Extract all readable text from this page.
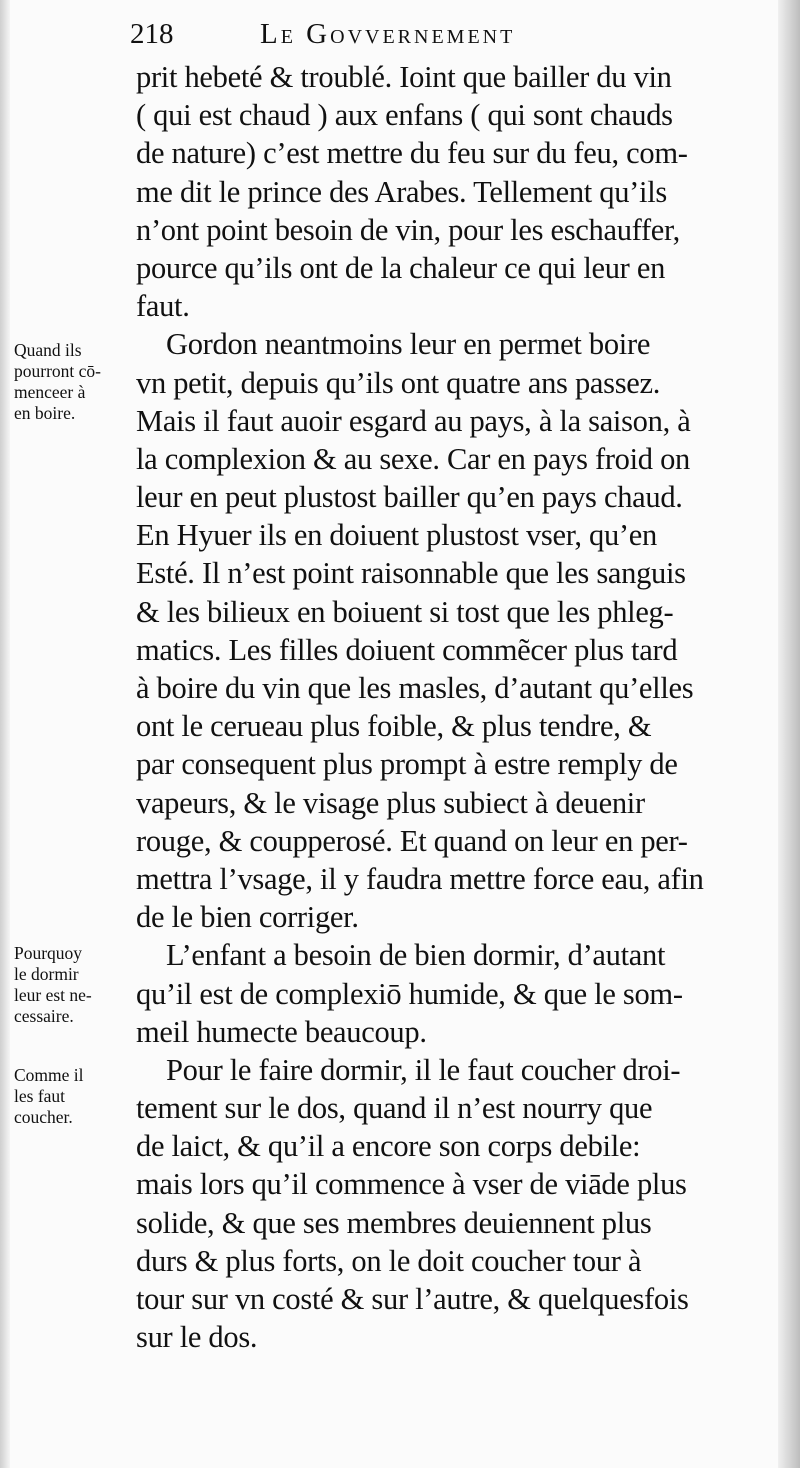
218	Le Govvernement
Quand ils
pourront cō-
menceer à
en boire.
Pourquoy
le dormir
leur est ne-
cessaire.
Comme il
les faut
coucher.
prit hebeté & troublé. Ioint que bailler du vin
( qui est chaud ) aux enfans ( qui sont chauds
de nature) c’est mettre du feu sur du feu, com-
me dit le prince des Arabes. Tellement qu’ils
n’ont point besoin de vin, pour les eschauffer,
pource qu’ils ont de la chaleur ce qui leur en
faut.
Gordon neantmoins leur en permet boire
vn petit, depuis qu’ils ont quatre ans passez.
Mais il faut auoir esgard au pays, à la saison, à
la complexion & au sexe. Car en pays froid on
leur en peut plustost bailler qu’en pays chaud.
En Hyuer ils en doiuent plustost vser, qu’en
Esté. Il n’est point raisonnable que les sanguis
& les bilieux en boiuent si tost que les phleg-
matics. Les filles doiuent commẽcer plus tard
à boire du vin que les masles, d’autant qu’elles
ont le cerueau plus foible, & plus tendre, &
par consequent plus prompt à estre remply de
vapeurs, & le visage plus subiect à deuenir
rouge, & coupperosé. Et quand on leur en per-
mettra l’vsage, il y faudra mettre force eau, afin
de le bien corriger.
L’enfant a besoin de bien dormir, d’autant
qu’il est de complexiō humide, & que le som-
meil humecte beaucoup.
Pour le faire dormir, il le faut coucher droi-
tement sur le dos, quand il n’est nourry que
de laict, & qu’il a encore son corps debile:
mais lors qu’il commence à vser de viāde plus
solide, & que ses membres deuiennent plus
durs & plus forts, on le doit coucher tour à
tour sur vn costé & sur l’autre, & quelquesfois
sur le dos.
